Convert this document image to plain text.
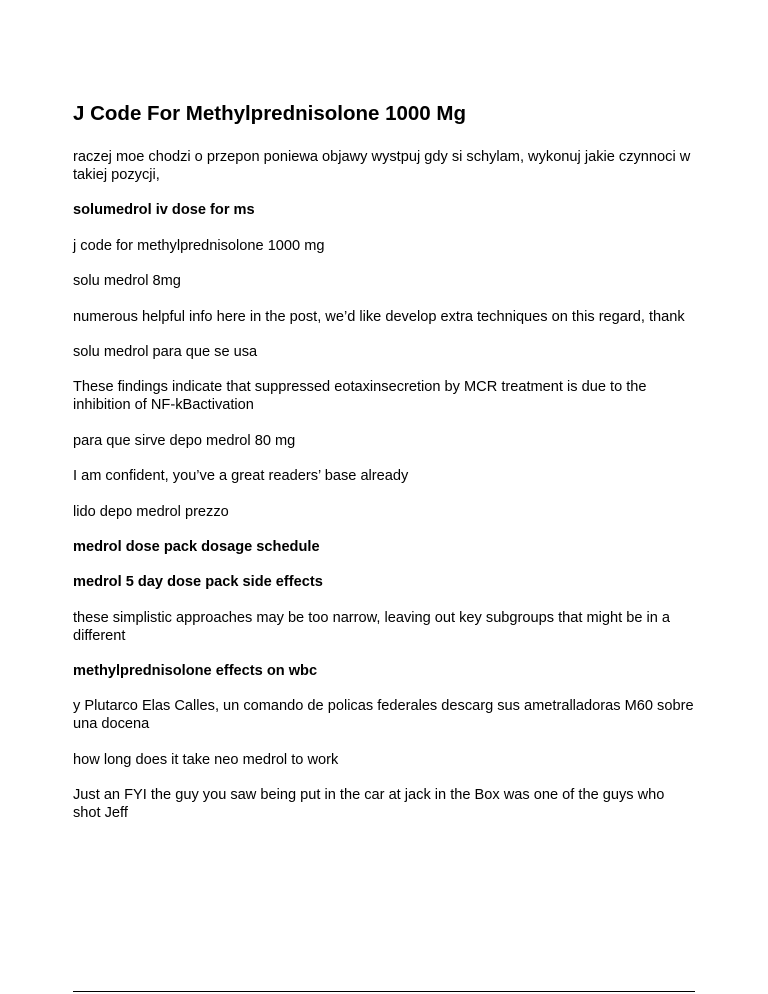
J Code For Methylprednisolone 1000 Mg

raczej moe chodzi o przepon poniewa objawy wystpuj gdy si schylam, wykonuj jakie czynnoci w takiej pozycji,

solumedrol iv dose for ms

j code for methylprednisolone 1000 mg

solu medrol 8mg

numerous helpful info here in the post, we’d like develop extra techniques on this regard, thank

solu medrol para que se usa

These findings indicate that suppressed eotaxinsecretion by MCR treatment is due to the inhibition of NF-kBactivation

para que sirve depo medrol 80 mg

I am confident, you’ve a great readers’ base already

lido depo medrol prezzo

medrol dose pack dosage schedule

medrol 5 day dose pack side effects

these simplistic approaches may be too narrow, leaving out key subgroups that might be in a different

methylprednisolone effects on wbc

y Plutarco Elas Calles, un comando de policas federales descarg sus ametralladoras M60 sobre una docena

how long does it take neo medrol to work

Just an FYI the guy you saw being put in the car at jack in the Box was one of the guys who shot Jeff
